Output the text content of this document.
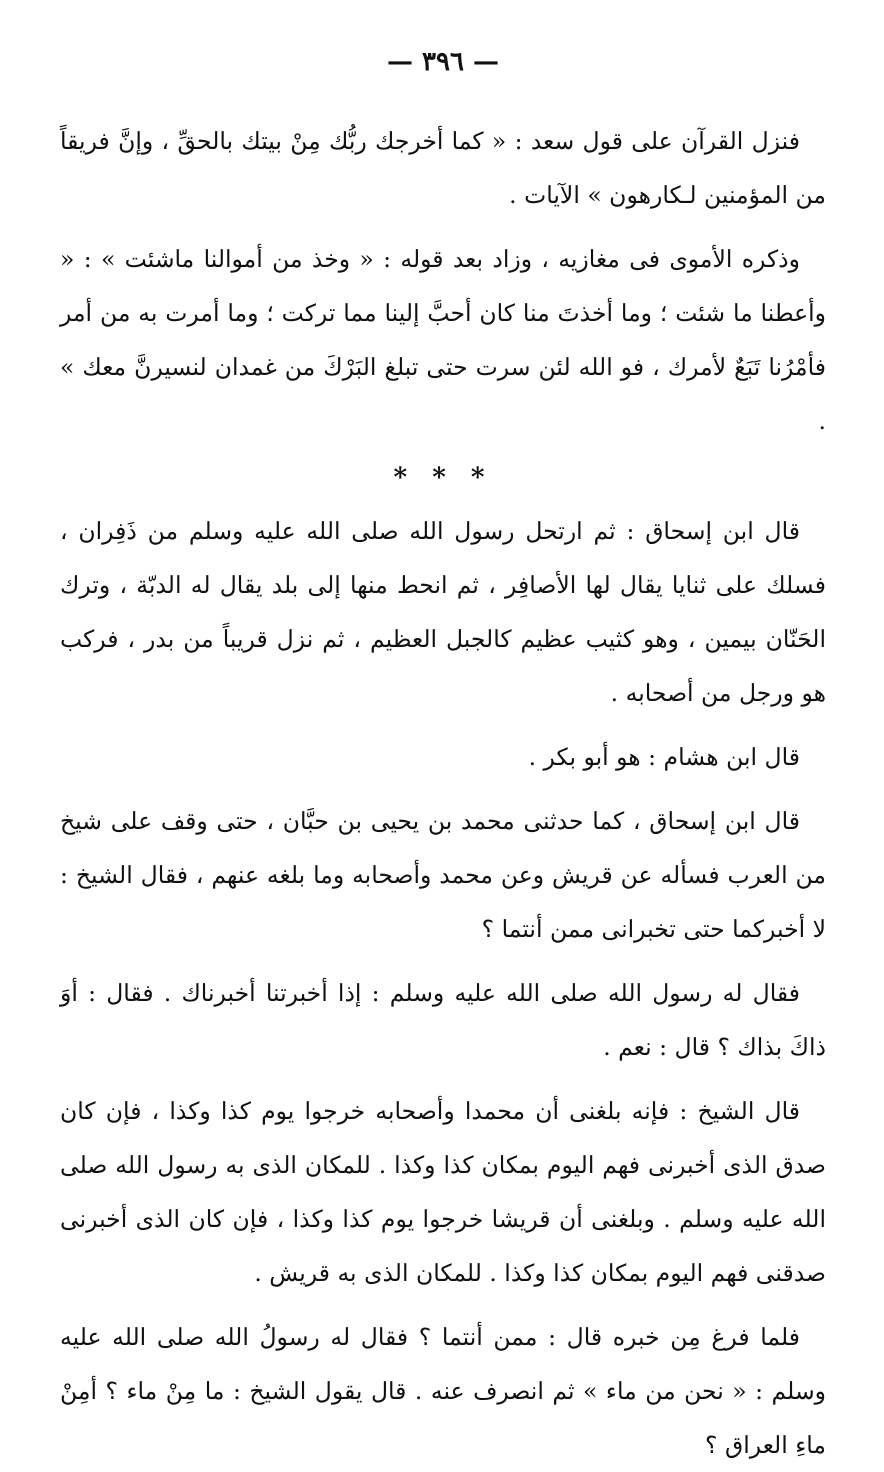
— ٣٩٦ —

فنزل القرآن على قول سعد : « كما أخرجك ربُّك مِنْ بيتك بالحقِّ ، وإنَّ فريقاً من المؤمنين لـكارهون » الآيات .

وذكره الأموى فى مغازيه ، وزاد بعد قوله : « وخذ من أموالنا ماشئت » : « وأعطنا ما شئت ؛ وما أخذتَ منا كان أحبَّ إلينا مما تركت ؛ وما أمرت به من أمر فأمْرُنا تَبَعٌ لأمرك ، فو الله لئن سرت حتى تبلغ البَرْكَ من غمدان لنسيرنَّ معك » .

* * *

قال ابن إسحاق : ثم ارتحل رسول الله صلى الله عليه وسلم من ذَفِران ، فسلك على ثنايا يقال لها الأصافِر ، ثم انحط منها إلى بلد يقال له الدبّة ، وترك الحَنّان بيمين ، وهو كثيب عظيم كالجبل العظيم ، ثم نزل قريباً من بدر ، فركب هو ورجل من أصحابه .

قال ابن هشام : هو أبو بكر .

قال ابن إسحاق ، كما حدثنى محمد بن يحيى بن حبَّان ، حتى وقف على شيخ من العرب فسأله عن قريش وعن محمد وأصحابه وما بلغه عنهم ، فقال الشيخ : لا أخبركما حتى تخبرانى ممن أنتما ؟

فقال له رسول الله صلى الله عليه وسلم : إذا أخبرتنا أخبرناك . فقال : أوَ ذاكَ بذاك ؟ قال : نعم .

قال الشيخ : فإنه بلغنى أن محمدا وأصحابه خرجوا يوم كذا وكذا ، فإن كان صدق الذى أخبرنى فهم اليوم بمكان كذا وكذا . للمكان الذى به رسول الله صلى الله عليه وسلم . وبلغنى أن قريشا خرجوا يوم كذا وكذا ، فإن كان الذى أخبرنى صدقنى فهم اليوم بمكان كذا وكذا . للمكان الذى به قريش .

فلما فرغ مِن خبره قال : ممن أنتما ؟ فقال له رسولُ الله صلى الله عليه وسلم : « نحن من ماء » ثم انصرف عنه . قال يقول الشيخ : ما مِنْ ماء ؟ أمِنْ ماءِ العراق ؟
